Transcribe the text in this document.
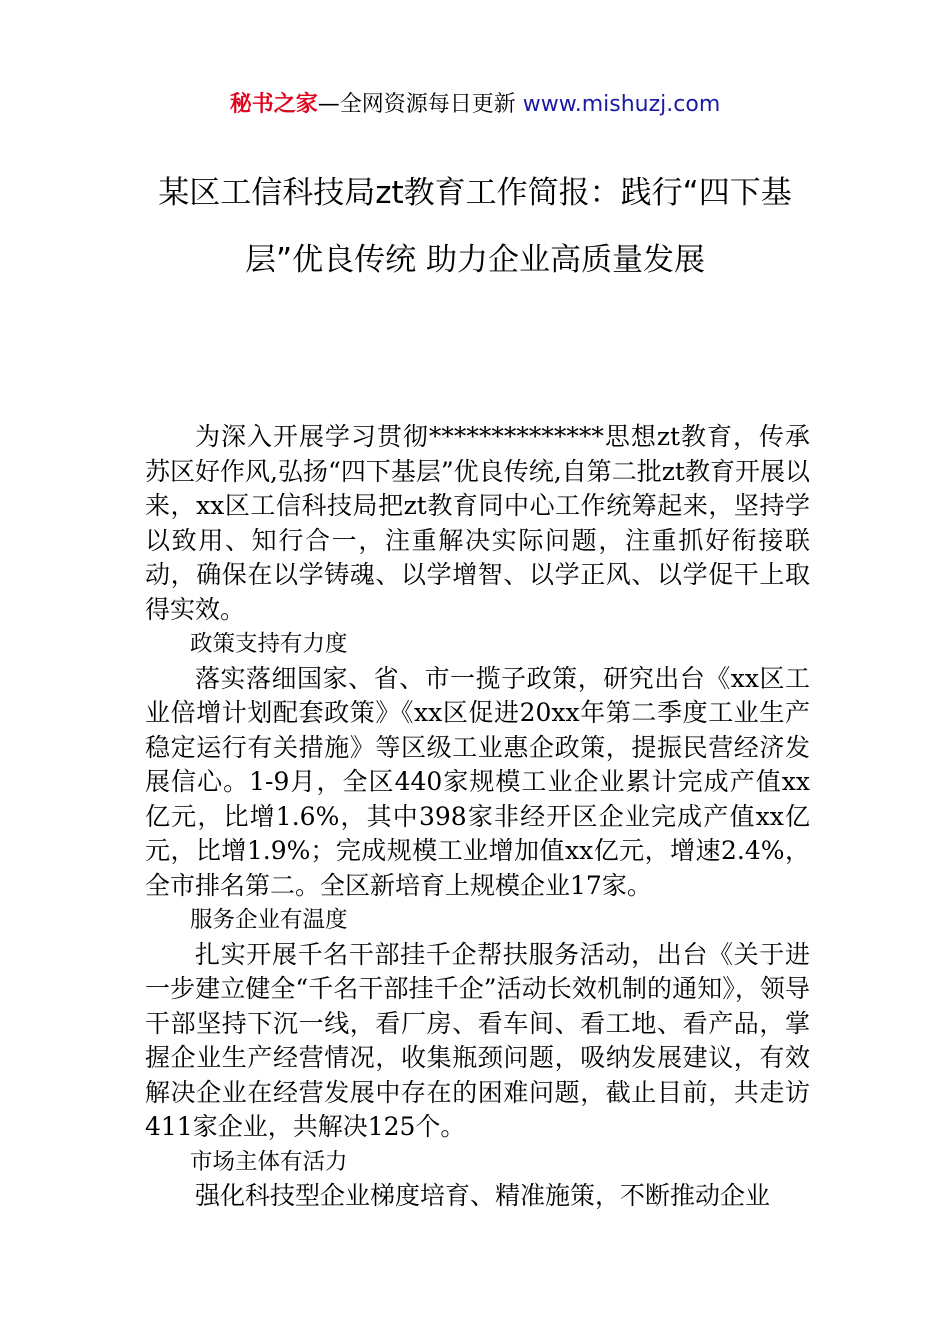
秘书之家—全网资源每日更新 www.mishuzj.com
某区工信科技局zt教育工作简报：践行“四下基层”优良传统 助力企业高质量发展

为深入开展学习贯彻**************思想zt教育，传承苏区好作风,弘扬“四下基层”优良传统,自第二批zt教育开展以来，xx区工信科技局把zt教育同中心工作统筹起来，坚持学以致用、知行合一，注重解决实际问题，注重抓好衔接联动，确保在以学铸魂、以学增智、以学正风、以学促干上取得实效。

政策支持有力度

落实落细国家、省、市一揽子政策，研究出台《xx区工业倍增计划配套政策》《xx区促进20xx年第二季度工业生产稳定运行有关措施》等区级工业惠企政策，提振民营经济发展信心。1-9月，全区440家规模工业企业累计完成产值xx亿元，比增1.6%，其中398家非经开区企业完成产值xx亿元，比增1.9%；完成规模工业增加值xx亿元，增速2.4%，全市排名第二。全区新培育上规模企业17家。

服务企业有温度

扎实开展千名干部挂千企帮扶服务活动，出台《关于进一步建立健全“千名干部挂千企”活动长效机制的通知》，领导干部坚持下沉一线，看厂房、看车间、看工地、看产品，掌握企业生产经营情况，收集瓶颈问题，吸纳发展建议，有效解决企业在经营发展中存在的困难问题，截止目前，共走访411家企业，共解决125个。

市场主体有活力

强化科技型企业梯度培育、精准施策，不断推动企业
